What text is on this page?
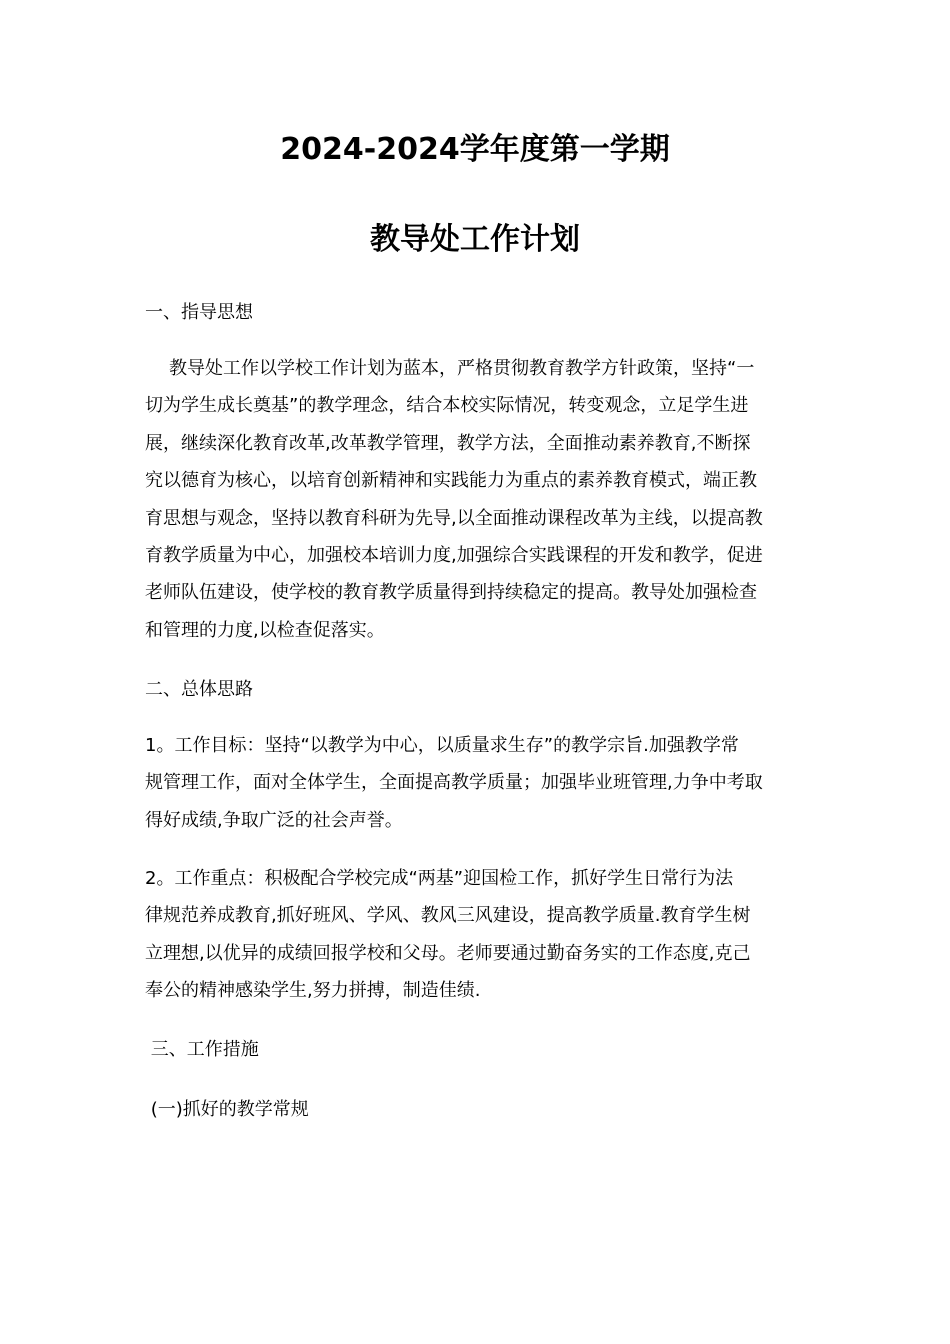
2024-2024学年度第一学期
教导处工作计划

一、指导思想

教导处工作以学校工作计划为蓝本，严格贯彻教育教学方针政策，坚持“一
切为学生成长奠基”的教学理念，结合本校实际情况，转变观念，立足学生进
展，继续深化教育改革,改革教学管理，教学方法，全面推动素养教育,不断探
究以德育为核心，以培育创新精神和实践能力为重点的素养教育模式，端正教
育思想与观念，坚持以教育科研为先导,以全面推动课程改革为主线，以提高教
育教学质量为中心，加强校本培训力度,加强综合实践课程的开发和教学，促进
老师队伍建设，使学校的教育教学质量得到持续稳定的提高。教导处加强检查
和管理的力度,以检查促落实。

二、总体思路

1。工作目标：坚持“以教学为中心，以质量求生存”的教学宗旨.加强教学常
规管理工作，面对全体学生，全面提高教学质量；加强毕业班管理,力争中考取
得好成绩,争取广泛的社会声誉。
2。工作重点：积极配合学校完成“两基”迎国检工作，抓好学生日常行为法
律规范养成教育,抓好班风、学风、教风三风建设，提高教学质量.教育学生树
立理想,以优异的成绩回报学校和父母。老师要通过勤奋务实的工作态度,克己
奉公的精神感染学生,努力拼搏，制造佳绩.

三、工作措施

(一)抓好的教学常规
